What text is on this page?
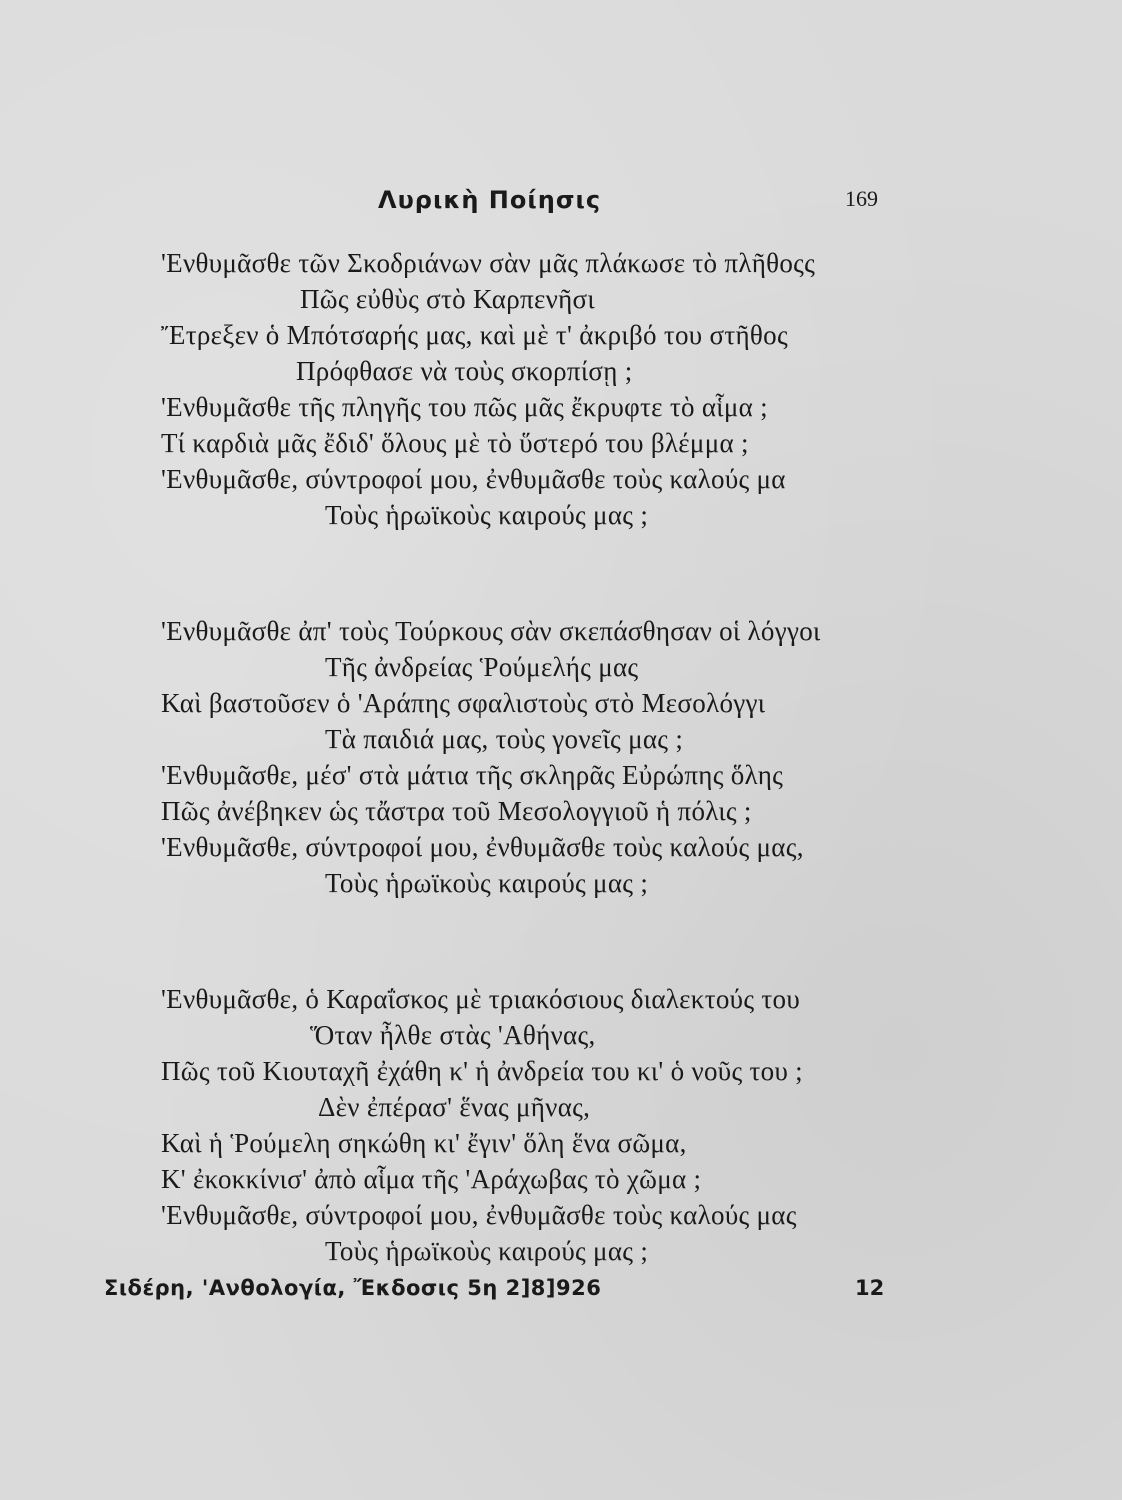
Λυρικὴ Ποίησις	169
'Ενθυμᾶσθε τῶν Σκοδριάνων σὰν μᾶς πλάκωσε τὸ πλῆθοςς
Πῶς εὐθὺς στὸ Καρπενῆσι
Ἔτρεξεν ὁ Μπότσαρής μας, καὶ μὲ τ' ἀκριβό του στῆθος
Πρόφθασε νὰ τοὺς σκορπίσῃ ;
'Ενθυμᾶσθε τῆς πληγῆς του πῶς μᾶς ἔκρυφτε τὸ αἷμα ;
Τί καρδιὰ μᾶς ἔδιδ' ὅλους μὲ τὸ ὕστερό του βλέμμα ;
'Ενθυμᾶσθε, σύντροφοί μου, ἐνθυμᾶσθε τοὺς καλούς μα
Τοὺς ἡρωϊκοὺς καιρούς μας ;
'Ενθυμᾶσθε ἀπ' τοὺς Τούρκους σὰν σκεπάσθησαν οἱ λόγγοι
Τῆς ἀνδρείας Ῥούμελής μας
Καὶ βαστοῦσεν ὁ 'Αράπης σφαλιστοὺς στὸ Μεσολόγγι
Τὰ παιδιά μας, τοὺς γονεῖς μας ;
'Ενθυμᾶσθε, μέσ' στὰ μάτια τῆς σκληρᾶς Εὐρώπης ὅλης
Πῶς ἀνέβηκεν ὡς τἄστρα τοῦ Μεσολογγιοῦ ἡ πόλις ;
'Ενθυμᾶσθε, σύντροφοί μου, ἐνθυμᾶσθε τοὺς καλούς μας,
Τοὺς ἡρωϊκοὺς καιρούς μας ;
'Ενθυμᾶσθε, ὁ Καραΐσκος μὲ τριακόσιους διαλεκτούς του
Ὅταν ἦλθε στὰς 'Αθήνας,
Πῶς τοῦ Κιουταχῆ ἐχάθη κ' ἡ ἀνδρεία του κι' ὁ νοῦς του ;
Δὲν ἐπέρασ' ἕνας μῆνας,
Καὶ ἡ Ῥούμελη σηκώθη κι' ἔγιν' ὅλη ἕνα σῶμα,
Κ' ἐκοκκίνισ' ἀπὸ αἷμα τῆς 'Αράχωβας τὸ χῶμα ;
'Ενθυμᾶσθε, σύντροφοί μου, ἐνθυμᾶσθε τοὺς καλούς μας
Τοὺς ἡρωϊκοὺς καιρούς μας ;
Σιδέρη, 'Ανθολογία, Ἔκδοσις 5η 2]8]926	12
